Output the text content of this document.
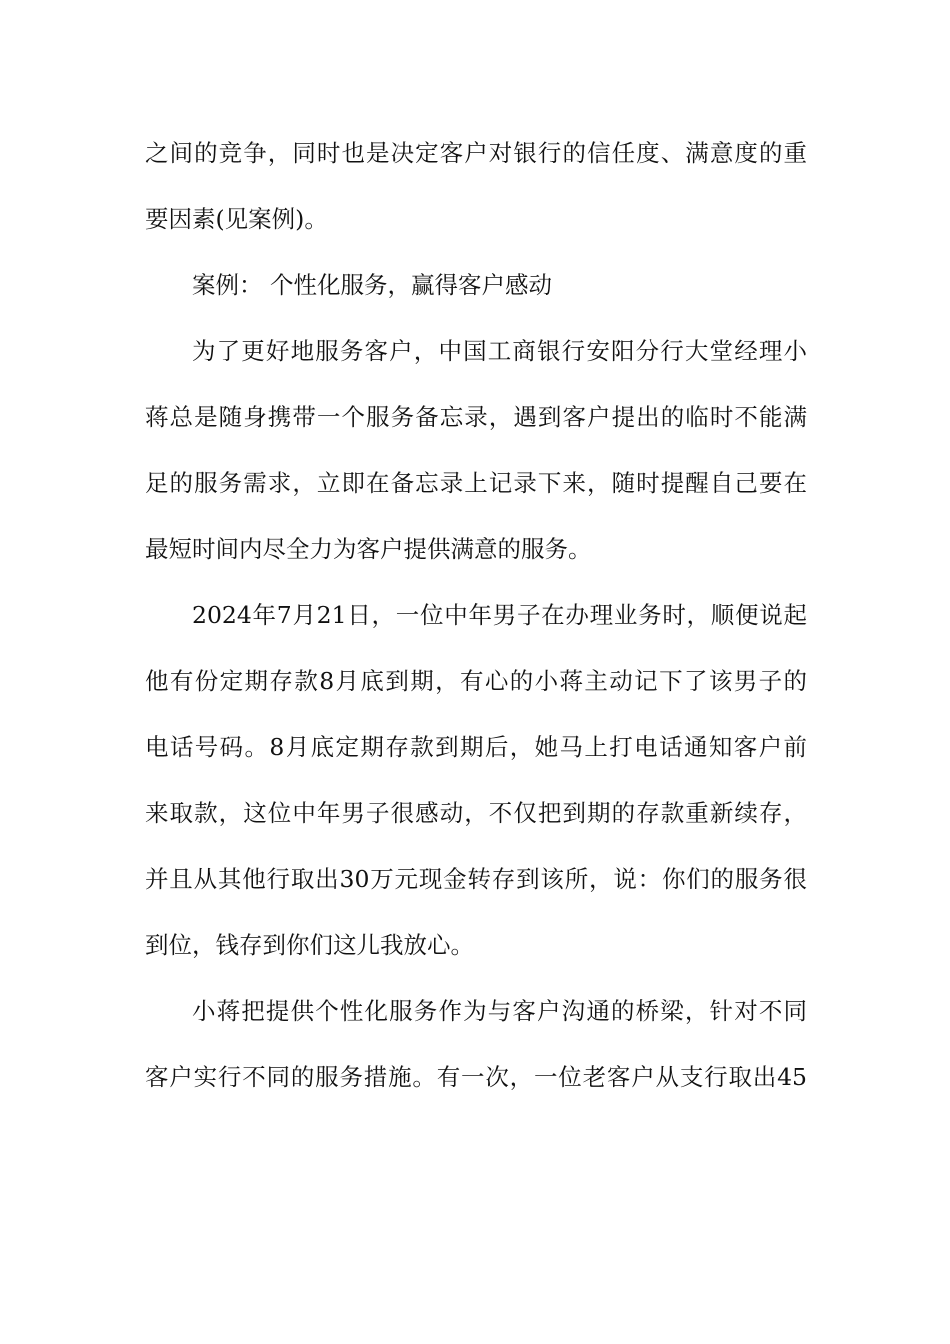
之间的竞争，同时也是决定客户对银行的信任度、满意度的重
要因素(见案例)。
案例： 个性化服务，赢得客户感动
为了更好地服务客户，中国工商银行安阳分行大堂经理小
蒋总是随身携带一个服务备忘录，遇到客户提出的临时不能满
足的服务需求，立即在备忘录上记录下来，随时提醒自己要在
最短时间内尽全力为客户提供满意的服务。
2024年7月21日，一位中年男子在办理业务时，顺便说起
他有份定期存款8月底到期，有心的小蒋主动记下了该男子的
电话号码。8月底定期存款到期后，她马上打电话通知客户前
来取款，这位中年男子很感动，不仅把到期的存款重新续存，
并且从其他行取出30万元现金转存到该所，说：你们的服务很
到位，钱存到你们这儿我放心。
小蒋把提供个性化服务作为与客户沟通的桥梁，针对不同
客户实行不同的服务措施。有一次，一位老客户从支行取出45
